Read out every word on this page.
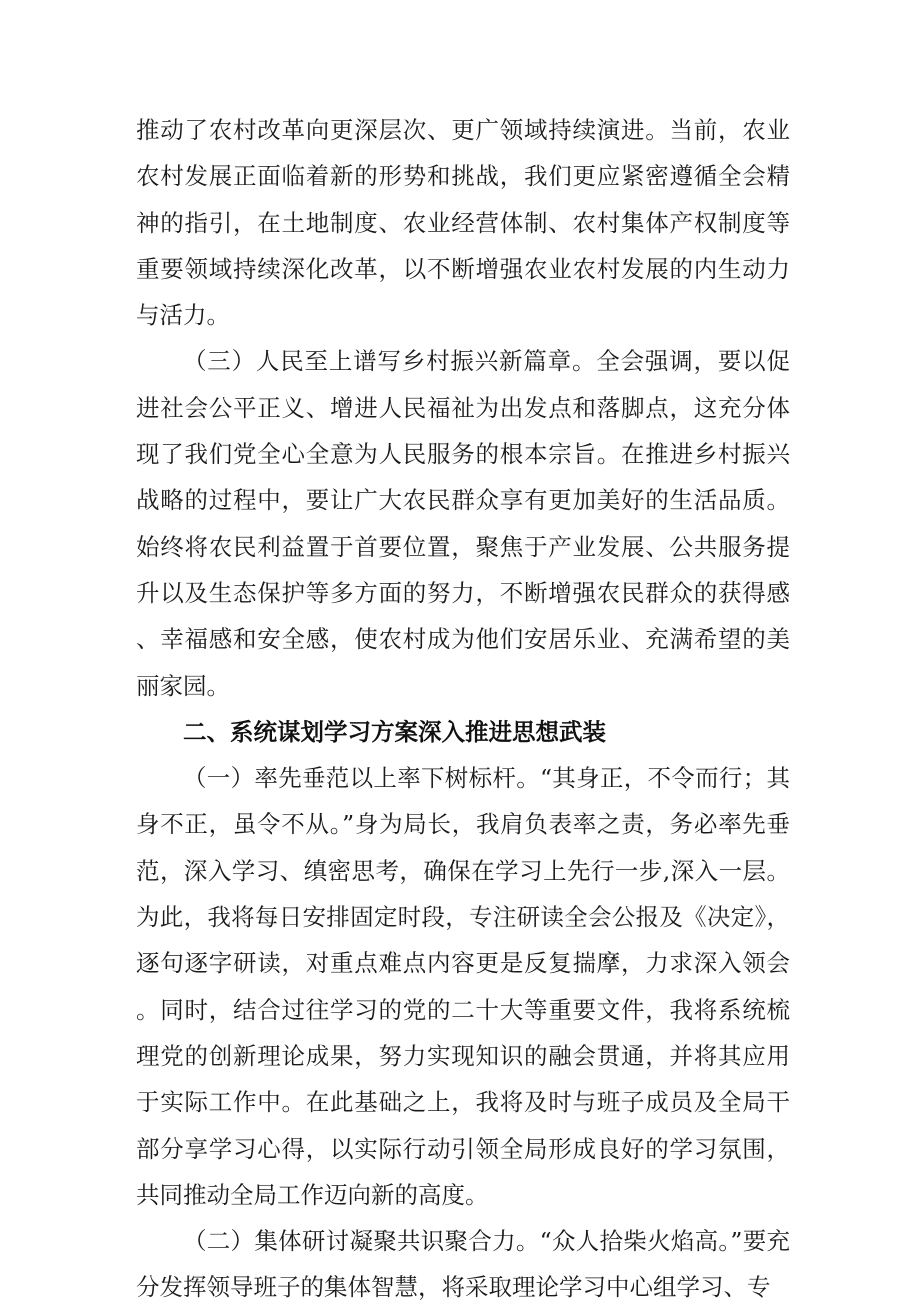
推动了农村改革向更深层次、更广领域持续演进。当前，农业农村发展正面临着新的形势和挑战，我们更应紧密遵循全会精神的指引，在土地制度、农业经营体制、农村集体产权制度等重要领域持续深化改革，以不断增强农业农村发展的内生动力与活力。

（三）人民至上谱写乡村振兴新篇章。全会强调，要以促进社会公平正义、增进人民福祉为出发点和落脚点，这充分体现了我们党全心全意为人民服务的根本宗旨。在推进乡村振兴战略的过程中，要让广大农民群众享有更加美好的生活品质。始终将农民利益置于首要位置，聚焦于产业发展、公共服务提升以及生态保护等多方面的努力，不断增强农民群众的获得感、幸福感和安全感，使农村成为他们安居乐业、充满希望的美丽家园。

二、系统谋划学习方案深入推进思想武装

（一）率先垂范以上率下树标杆。“其身正，不令而行；其身不正，虽令不从。”身为局长，我肩负表率之责，务必率先垂范，深入学习、缜密思考，确保在学习上先行一步,深入一层。为此，我将每日安排固定时段，专注研读全会公报及《决定》，逐句逐字研读，对重点难点内容更是反复揣摩，力求深入领会。同时，结合过往学习的党的二十大等重要文件，我将系统梳理党的创新理论成果，努力实现知识的融会贯通，并将其应用于实际工作中。在此基础之上，我将及时与班子成员及全局干部分享学习心得，以实际行动引领全局形成良好的学习氛围，共同推动全局工作迈向新的高度。

（二）集体研讨凝聚共识聚合力。“众人拾柴火焰高。”要充分发挥领导班子的集体智慧，将采取理论学习中心组学习、专
